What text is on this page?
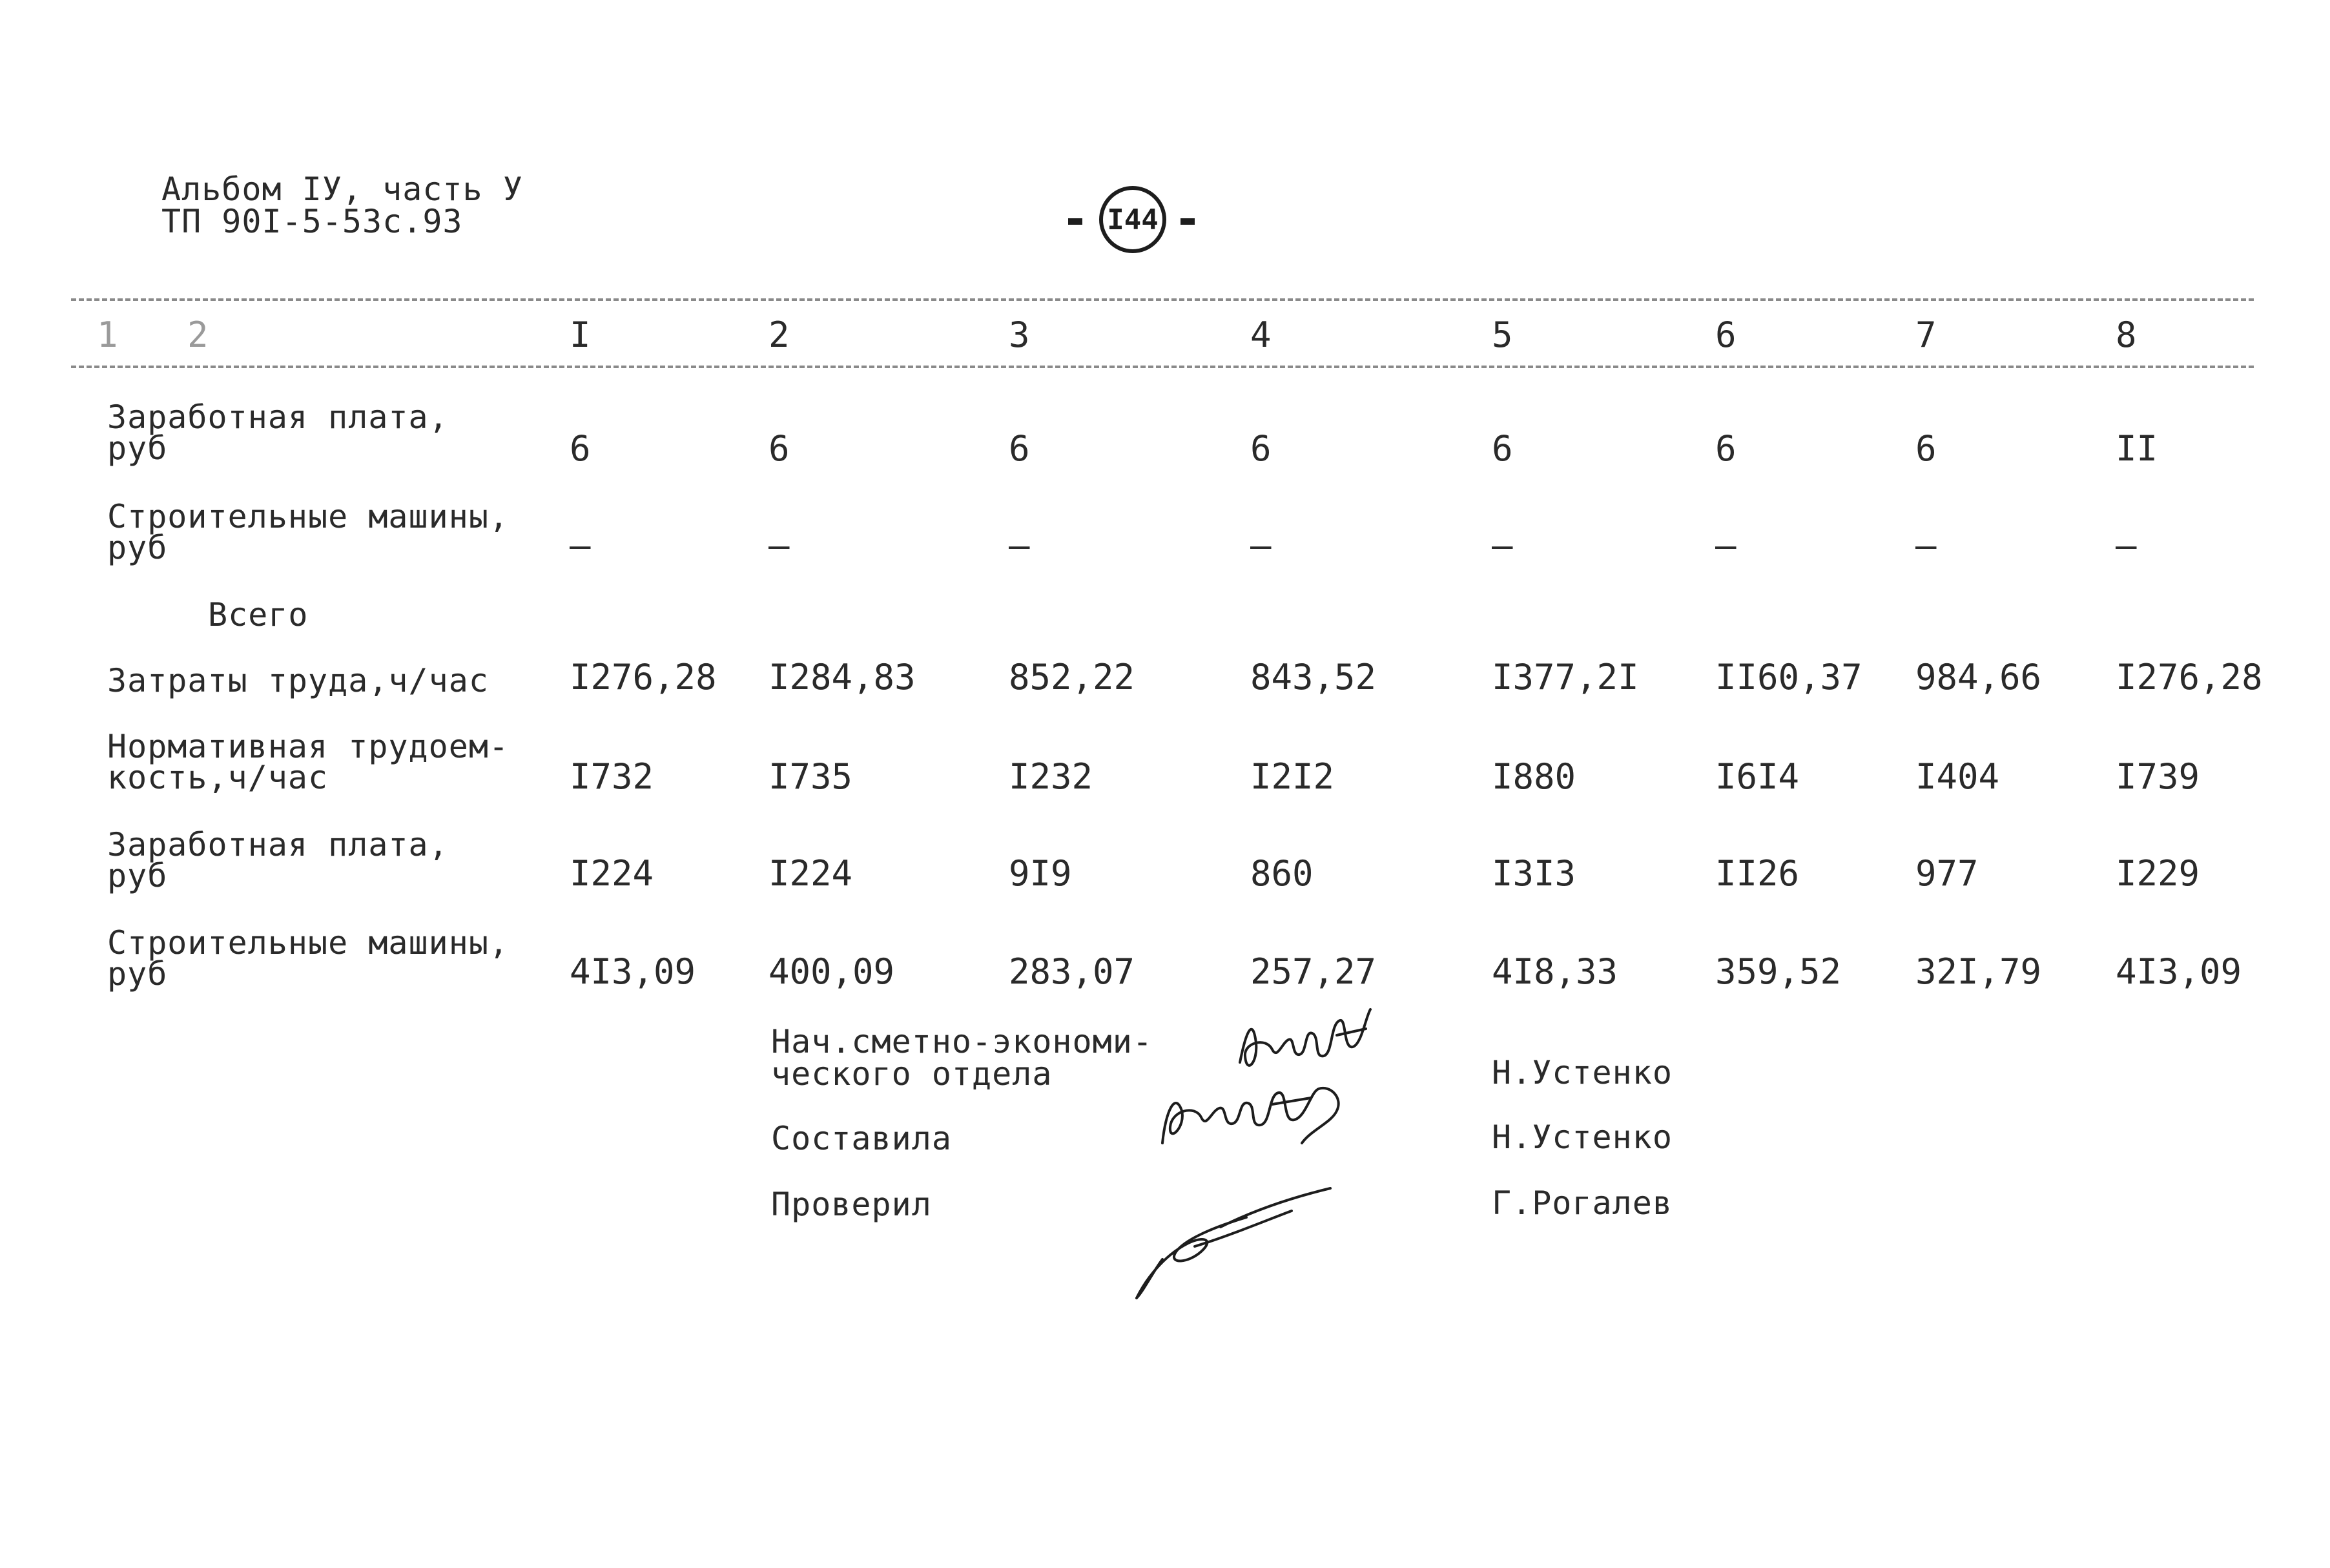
Альбом IУ, часть У
ТП 90I-5-53с.93	I44
1 2	I	2	3	4	5	6	7	8
Заработная плата,
руб	6	6	6	6	6	6	6	II
Строительные машины,
руб	–	–	–	–	–	–	–	–
Всего
Затраты труда,ч/час I276,28 I284,83	852,22	843,52	I377,2I II60,37 984,66 I276,28
Нормативная трудоем-
кость,ч/час	I732	I735	I232	I2I2	I880	I6I4	I404	I739
Заработная плата,
руб	I224	I224	9I9	860	I3I3	II26	977	I229
Строительные машины,
руб	4I3,09 400,09	283,07	257,27	4I8,33	359,52 32I,79 4I3,09
Нач.сметно-экономи-
ческого отдела	Н.Устенко
Составила	Н.Устенко
Проверил	Г.Рогалев
